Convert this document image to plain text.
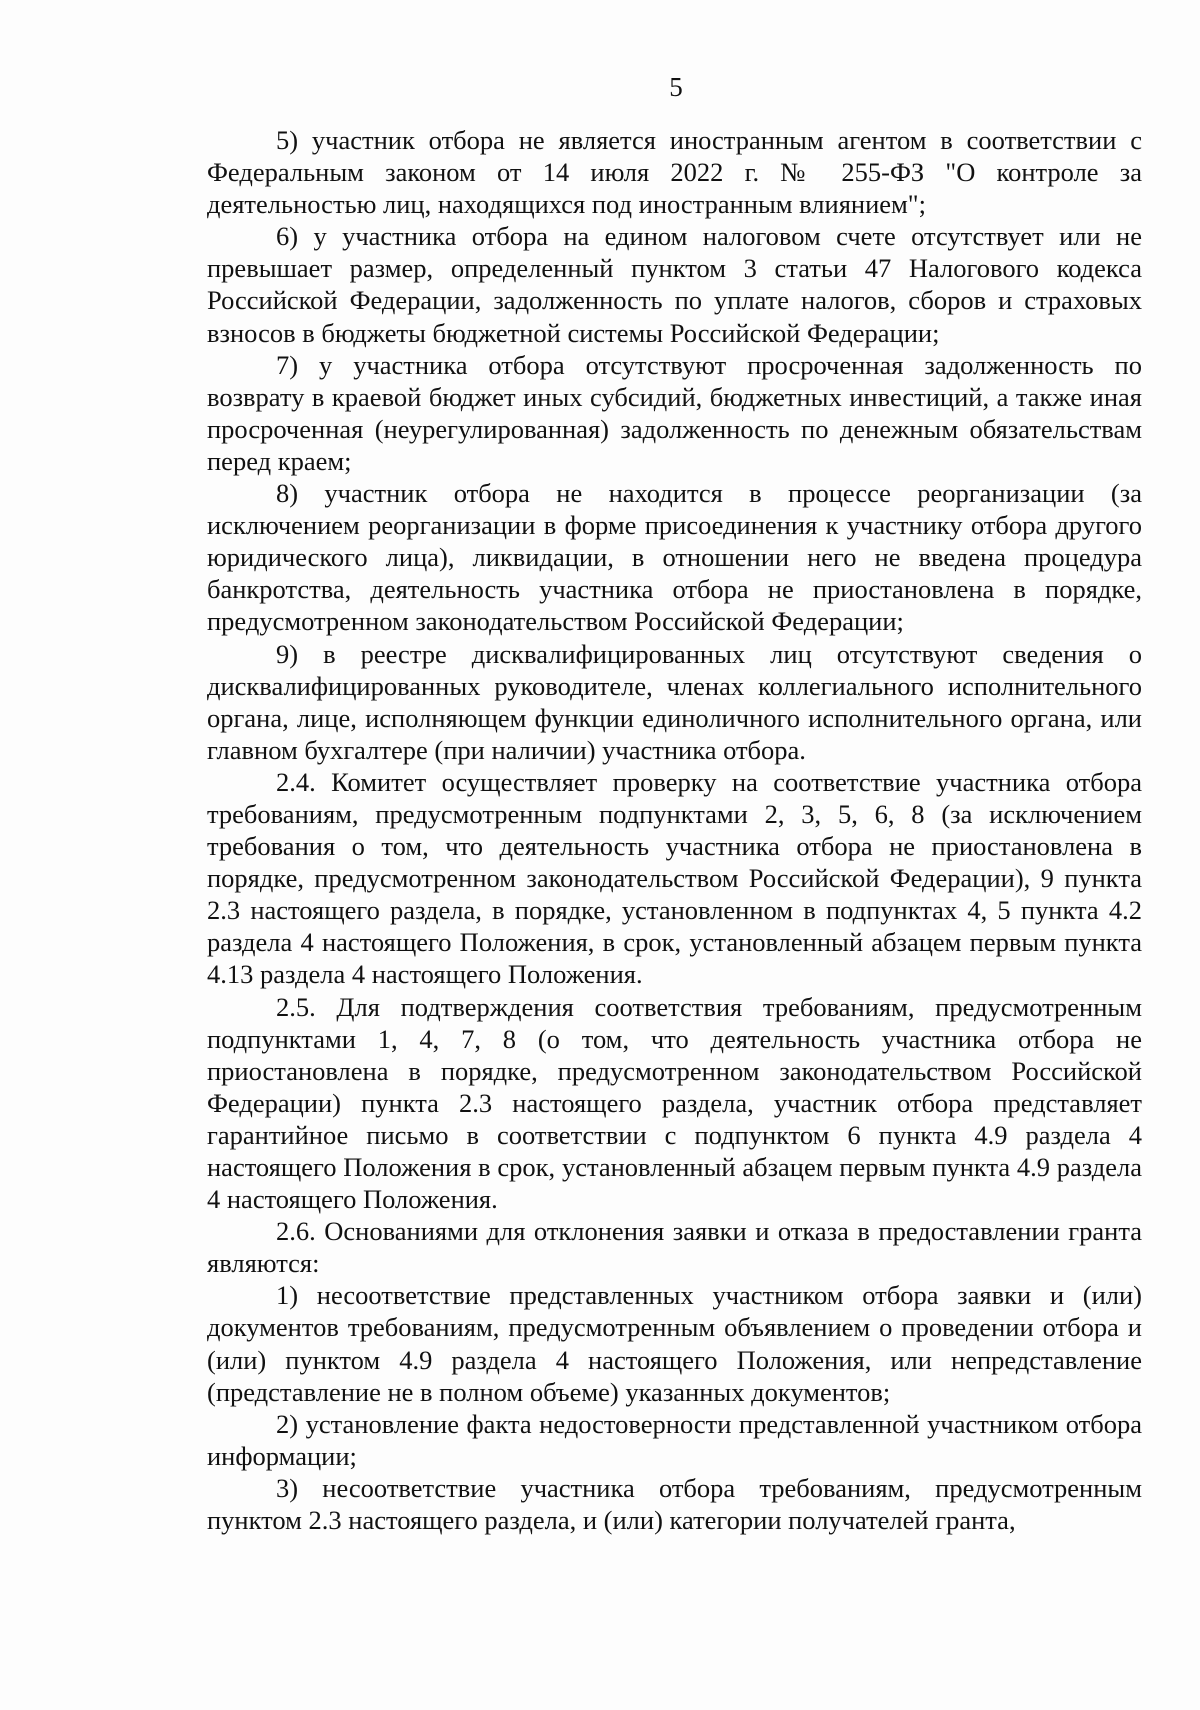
5

5) участник отбора не является иностранным агентом в соответствии с Федеральным законом от 14 июля 2022 г. № 255-ФЗ "О контроле за деятельностью лиц, находящихся под иностранным влиянием";

6) у участника отбора на едином налоговом счете отсутствует или не превышает размер, определенный пунктом 3 статьи 47 Налогового кодекса Российской Федерации, задолженность по уплате налогов, сборов и страховых взносов в бюджеты бюджетной системы Российской Федерации;

7) у участника отбора отсутствуют просроченная задолженность по возврату в краевой бюджет иных субсидий, бюджетных инвестиций, а также иная просроченная (неурегулированная) задолженность по денежным обязательствам перед краем;

8) участник отбора не находится в процессе реорганизации (за исключением реорганизации в форме присоединения к участнику отбора другого юридического лица), ликвидации, в отношении него не введена процедура банкротства, деятельность участника отбора не приостановлена в порядке, предусмотренном законодательством Российской Федерации;

9) в реестре дисквалифицированных лиц отсутствуют сведения о дисквалифицированных руководителе, членах коллегиального исполнительного органа, лице, исполняющем функции единоличного исполнительного органа, или главном бухгалтере (при наличии) участника отбора.

2.4. Комитет осуществляет проверку на соответствие участника отбора требованиям, предусмотренным подпунктами 2, 3, 5, 6, 8 (за исключением требования о том, что деятельность участника отбора не приостановлена в порядке, предусмотренном законодательством Российской Федерации), 9 пункта 2.3 настоящего раздела, в порядке, установленном в подпунктах 4, 5 пункта 4.2 раздела 4 настоящего Положения, в срок, установленный абзацем первым пункта 4.13 раздела 4 настоящего Положения.

2.5. Для подтверждения соответствия требованиям, предусмотренным подпунктами 1, 4, 7, 8 (о том, что деятельность участника отбора не приостановлена в порядке, предусмотренном законодательством Российской Федерации) пункта 2.3 настоящего раздела, участник отбора представляет гарантийное письмо в соответствии с подпунктом 6 пункта 4.9 раздела 4 настоящего Положения в срок, установленный абзацем первым пункта 4.9 раздела 4 настоящего Положения.

2.6. Основаниями для отклонения заявки и отказа в предоставлении гранта являются:

1) несоответствие представленных участником отбора заявки и (или) документов требованиям, предусмотренным объявлением о проведении отбора и (или) пунктом 4.9 раздела 4 настоящего Положения, или непредставление (представление не в полном объеме) указанных документов;

2) установление факта недостоверности представленной участником отбора информации;

3) несоответствие участника отбора требованиям, предусмотренным пунктом 2.3 настоящего раздела, и (или) категории получателей гранта,
